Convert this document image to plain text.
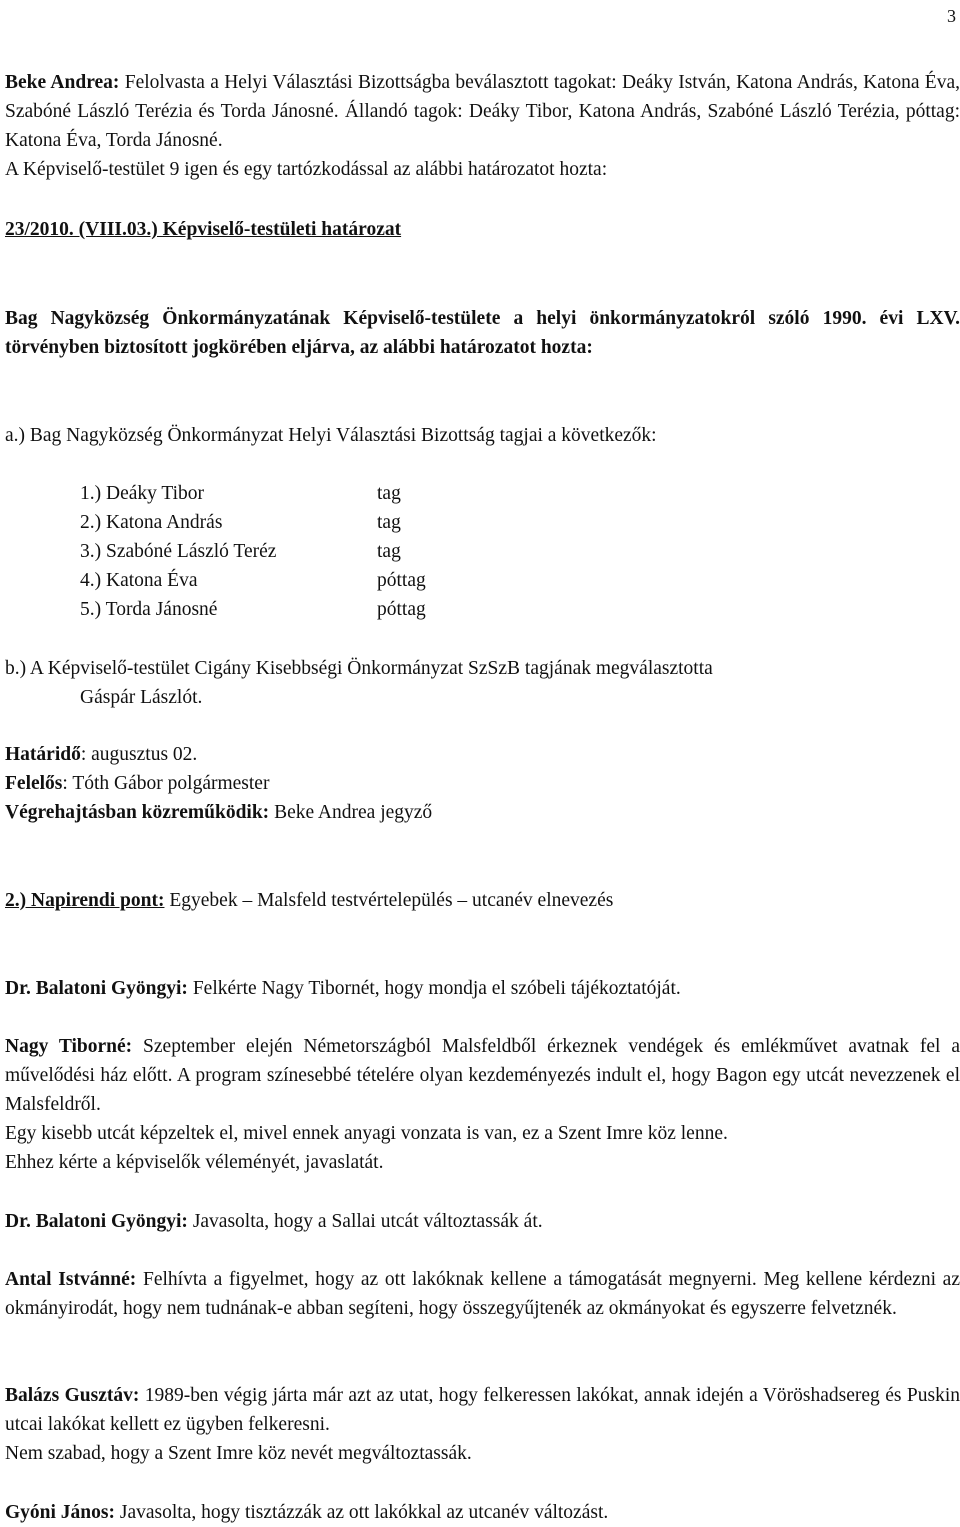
3
Beke Andrea: Felolvasta a Helyi Választási Bizottságba beválasztott tagokat: Deáky István, Katona András, Katona Éva, Szabóné László Terézia és Torda Jánosné. Állandó tagok: Deáky Tibor, Katona András, Szabóné László Terézia, póttag: Katona Éva, Torda Jánosné.
A Képviselő-testület 9 igen és egy tartózkodással az alábbi határozatot hozta:
23/2010. (VIII.03.) Képviselő-testületi határozat
Bag Nagyközség Önkormányzatának Képviselő-testülete a helyi önkormányzatokról szóló 1990. évi LXV. törvényben biztosított jogkörében eljárva, az alábbi határozatot hozta:
a.) Bag Nagyközség Önkormányzat Helyi Választási Bizottság tagjai a következők:
1.) Deáky Tibor	tag
2.) Katona András	tag
3.) Szabóné László Teréz	tag
4.) Katona Éva	póttag
5.) Torda Jánosné	póttag
b.) A Képviselő-testület Cigány Kisebbségi Önkormányzat SzSzB tagjának megválasztotta
Gáspár Lászlót.
Határidő: augusztus 02.
Felelős: Tóth Gábor polgármester
Végrehajtásban közreműködik: Beke Andrea jegyző
2.) Napirendi pont: Egyebek – Malsfeld testvértelepülés – utcanév elnevezés
Dr. Balatoni Gyöngyi: Felkérte Nagy Tibornét, hogy mondja el szóbeli tájékoztatóját.
Nagy Tiborné: Szeptember elején Németországból Malsfeldből érkeznek vendégek és emlékművet avatnak fel a művelődési ház előtt. A program színesebbé tételére olyan kezdeményezés indult el, hogy Bagon egy utcát nevezzenek el Malsfeldről.
Egy kisebb utcát képzeltek el, mivel ennek anyagi vonzata is van, ez a Szent Imre köz lenne.
Ehhez kérte a képviselők véleményét, javaslatát.
Dr. Balatoni Gyöngyi: Javasolta, hogy a Sallai utcát változtassák át.
Antal Istvánné: Felhívta a figyelmet, hogy az ott lakóknak kellene a támogatását megnyerni. Meg kellene kérdezni az okmányirodát, hogy nem tudnának-e abban segíteni, hogy összegyűjtenék az okmányokat és egyszerre felvetznék.
Balázs Gusztáv: 1989-ben végig járta már azt az utat, hogy felkeressen lakókat, annak idején a Vöröshadsereg és Puskin utcai lakókat kellett ez ügyben felkeresni.
Nem szabad, hogy a Szent Imre köz nevét megváltoztassák.
Gyóni János: Javasolta, hogy tisztázzák az ott lakókkal az utcanév változást.
